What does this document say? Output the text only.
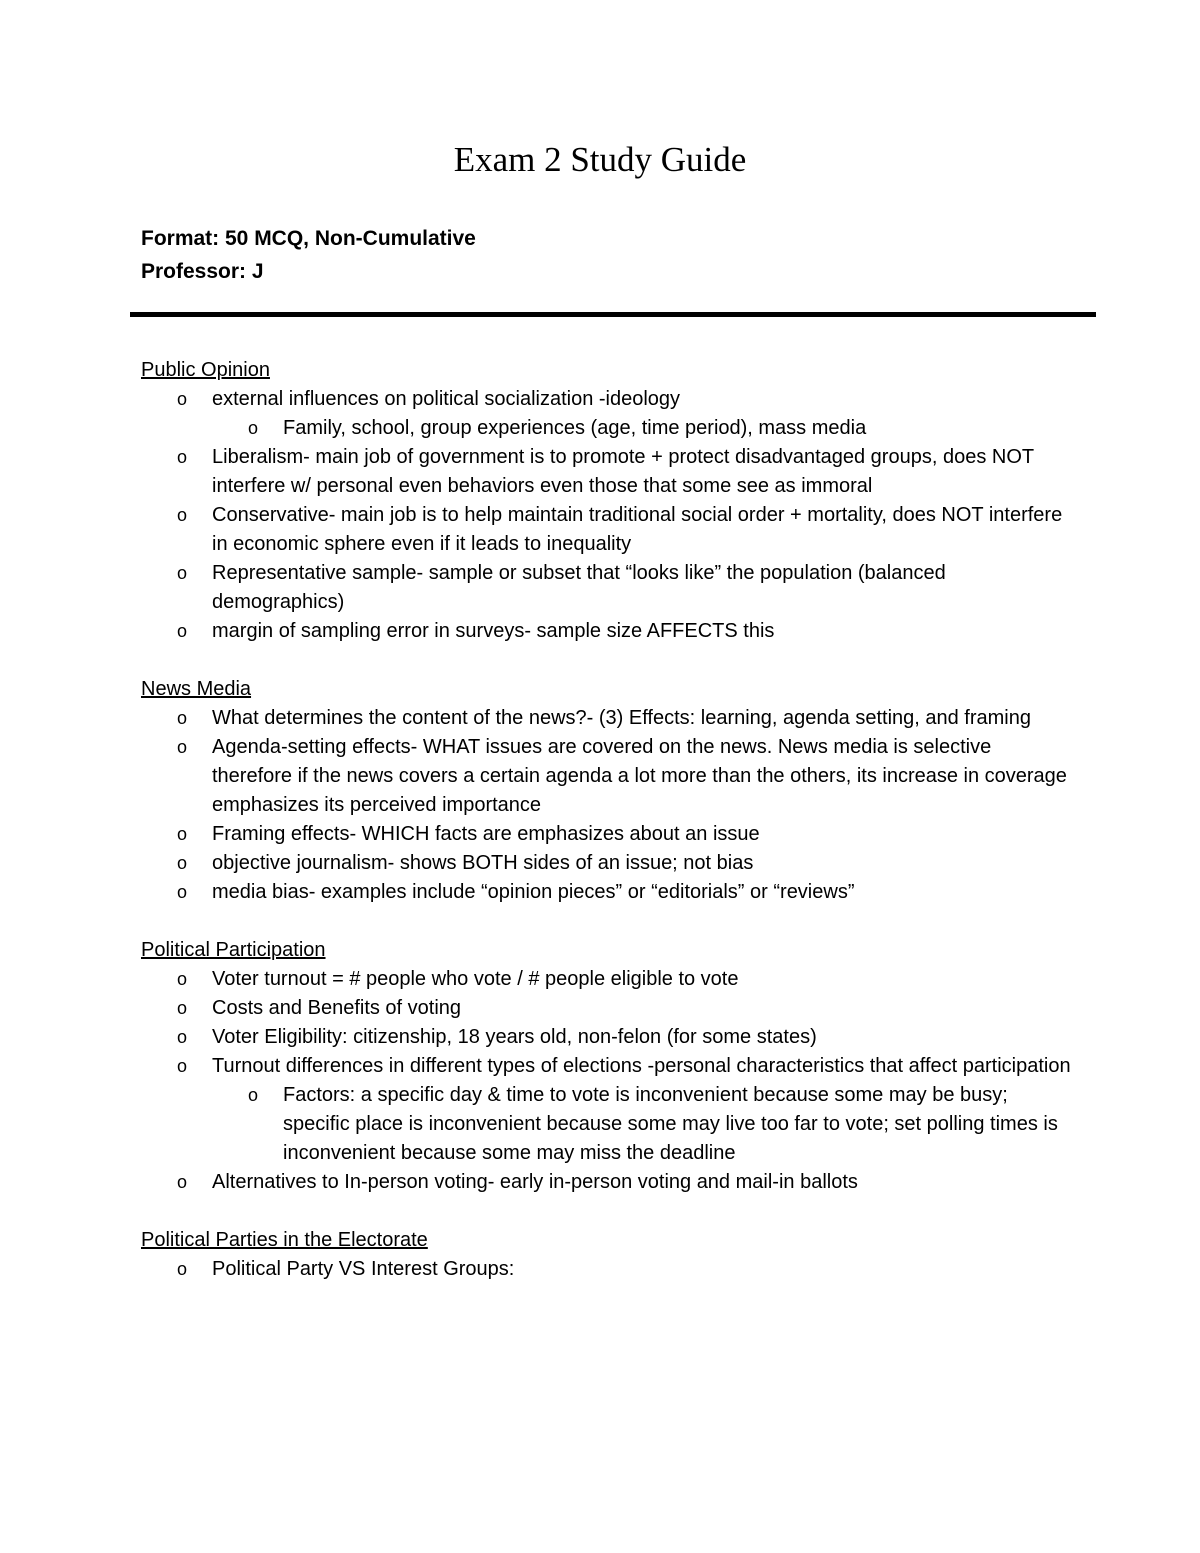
Exam 2 Study Guide
Format: 50 MCQ, Non-Cumulative
Professor: J
Public Opinion
o external influences on political socialization -ideology
o Family, school, group experiences (age, time period), mass media
o Liberalism- main job of government is to promote + protect disadvantaged groups, does NOT interfere w/ personal even behaviors even those that some see as immoral
o Conservative- main job is to help maintain traditional social order + mortality, does NOT interfere in economic sphere even if it leads to inequality
o Representative sample- sample or subset that “looks like” the population (balanced demographics)
o margin of sampling error in surveys- sample size AFFECTS this
News Media
o What determines the content of the news?- (3) Effects: learning, agenda setting, and framing
o Agenda-setting effects- WHAT issues are covered on the news. News media is selective therefore if the news covers a certain agenda a lot more than the others, its increase in coverage emphasizes its perceived importance
o Framing effects- WHICH facts are emphasizes about an issue
o objective journalism- shows BOTH sides of an issue; not bias
o media bias- examples include “opinion pieces” or “editorials” or “reviews”
Political Participation
o Voter turnout = # people who vote / # people eligible to vote
o Costs and Benefits of voting
o Voter Eligibility: citizenship, 18 years old, non-felon (for some states)
o Turnout differences in different types of elections -personal characteristics that affect participation
o Factors: a specific day & time to vote is inconvenient because some may be busy; specific place is inconvenient because some may live too far to vote; set polling times is inconvenient because some may miss the deadline
o Alternatives to In-person voting- early in-person voting and mail-in ballots
Political Parties in the Electorate
o Political Party VS Interest Groups:
